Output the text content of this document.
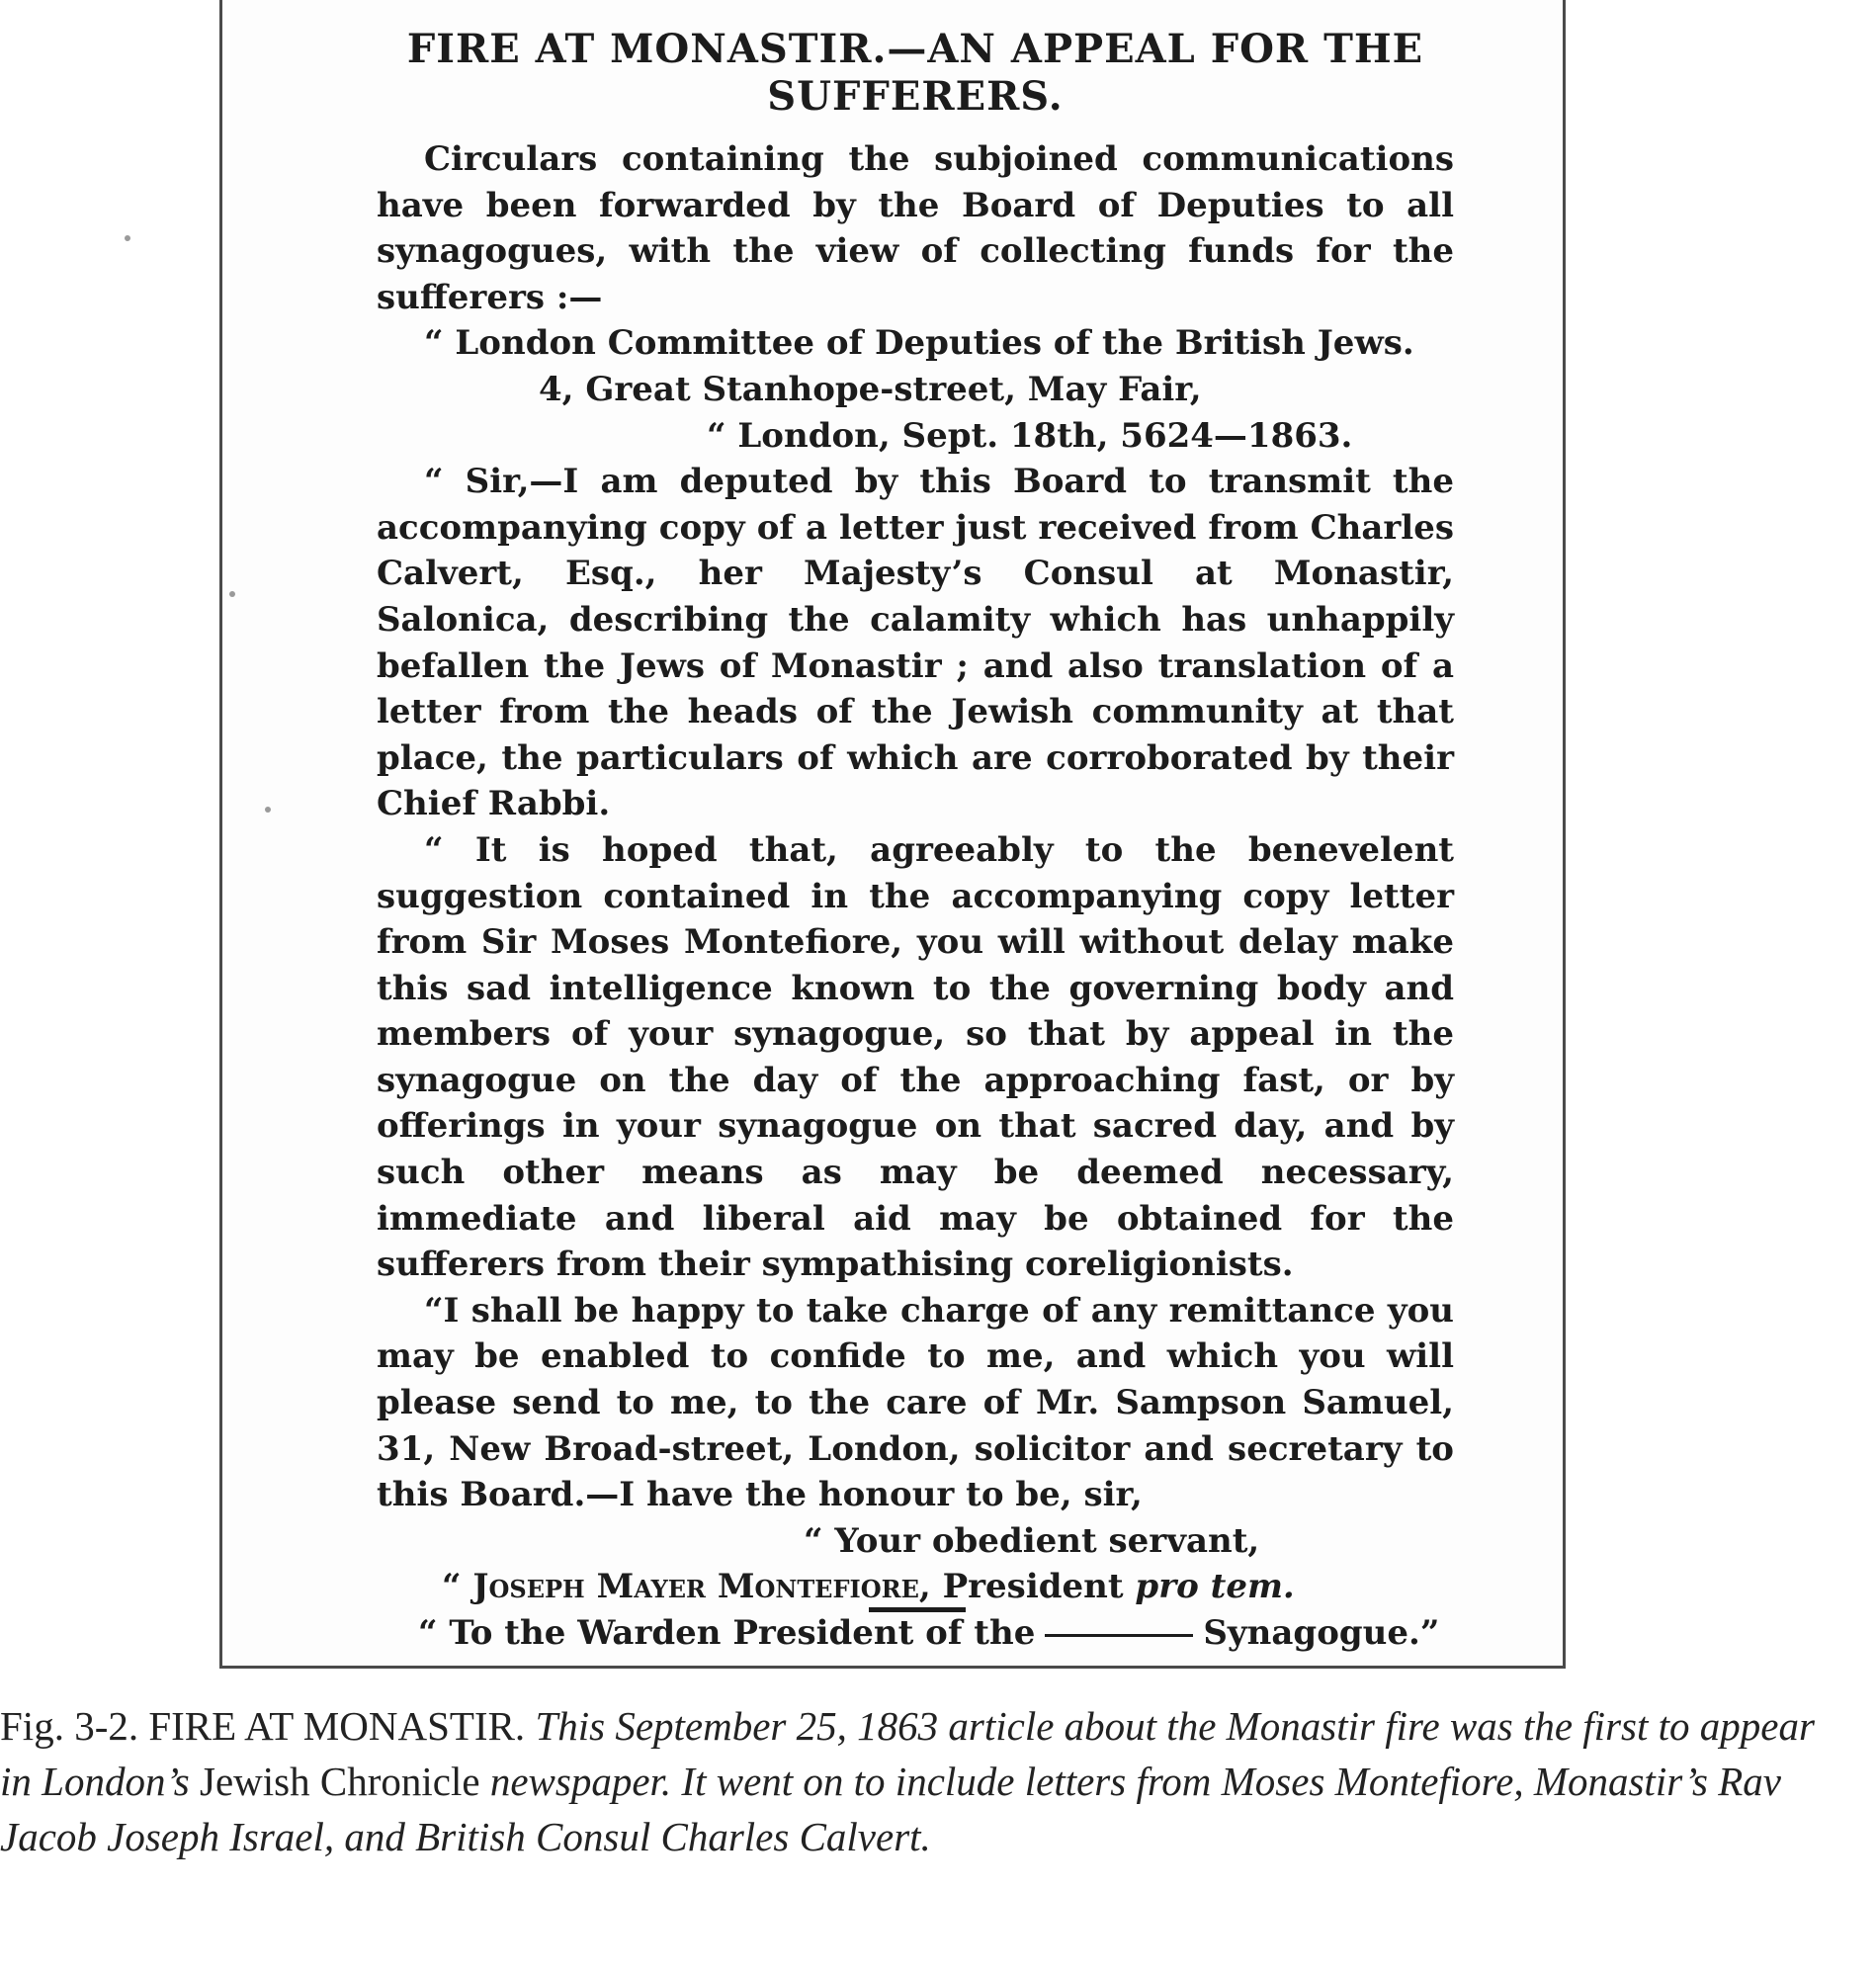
FIRE AT MONASTIR.—AN APPEAL FOR THE
SUFFERERS.

Circulars containing the subjoined communications have been forwarded by the Board of Deputies to all synagogues, with the view of collecting funds for the sufferers :—

“ London Committee of Deputies of the British Jews.

4, Great Stanhope-street, May Fair,

“ London, Sept. 18th, 5624—1863.

“ Sir,—I am deputed by this Board to transmit the accompanying copy of a letter just received from Charles Calvert, Esq., her Majesty’s Consul at Monastir, Salonica, describing the calamity which has unhappily befallen the Jews of Monastir ; and also translation of a letter from the heads of the Jewish community at that place, the particulars of which are corroborated by their Chief Rabbi.

“ It is hoped that, agreeably to the benevelent suggestion contained in the accompanying copy letter from Sir Moses Montefiore, you will without delay make this sad intelligence known to the governing body and members of your synagogue, so that by appeal in the synagogue on the day of the approaching fast, or by offerings in your synagogue on that sacred day, and by such other means as may be deemed necessary, immediate and liberal aid may be obtained for the sufferers from their sympathising coreligionists.

“I shall be happy to take charge of any remittance you may be enabled to confide to me, and which you will please send to me, to the care of Mr. Sampson Samuel, 31, New Broad-street, London, solicitor and secretary to this Board.—I have the honour to be, sir,

“ Your obedient servant,

“ Joseph Mayer Montefiore, President pro tem.

“ To the Warden President of the	Synagogue.”

Fig. 3-2. FIRE AT MONASTIR. This September 25, 1863 article about the Monastir fire was the first to appear in London’s Jewish Chronicle newspaper. It went on to include letters from Moses Montefiore, Monastir’s Rav Jacob Joseph Israel, and British Consul Charles Calvert.
